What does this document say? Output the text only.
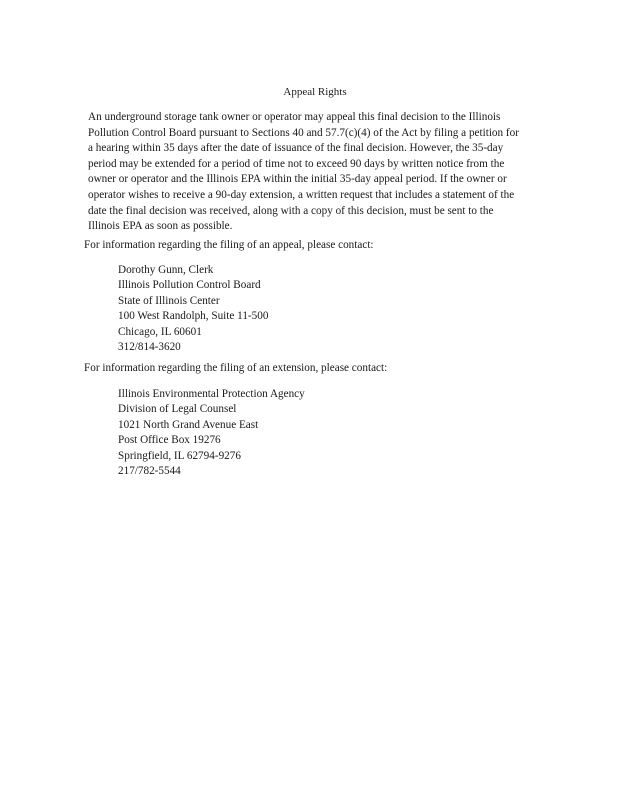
Appeal Rights
An underground storage tank owner or operator may appeal this final decision to the Illinois
Pollution Control Board pursuant to Sections 40 and 57.7(c)(4) of the Act by filing a petition for
a hearing within 35 days after the date of issuance of the final decision. However, the 35-day
period may be extended for a period of time not to exceed 90 days by written notice from the
owner or operator and the Illinois EPA within the initial 35-day appeal period. If the owner or
operator wishes to receive a 90-day extension, a written request that includes a statement of the
date the final decision was received, along with a copy of this decision, must be sent to the
Illinois EPA as soon as possible.
For information regarding the filing of an appeal, please contact:
Dorothy Gunn, Clerk
Illinois Pollution Control Board
State of Illinois Center
100 West Randolph, Suite 11-500
Chicago, IL 60601
312/814-3620
For information regarding the filing of an extension, please contact:
Illinois Environmental Protection Agency
Division of Legal Counsel
1021 North Grand Avenue East
Post Office Box 19276
Springfield, IL 62794-9276
217/782-5544
